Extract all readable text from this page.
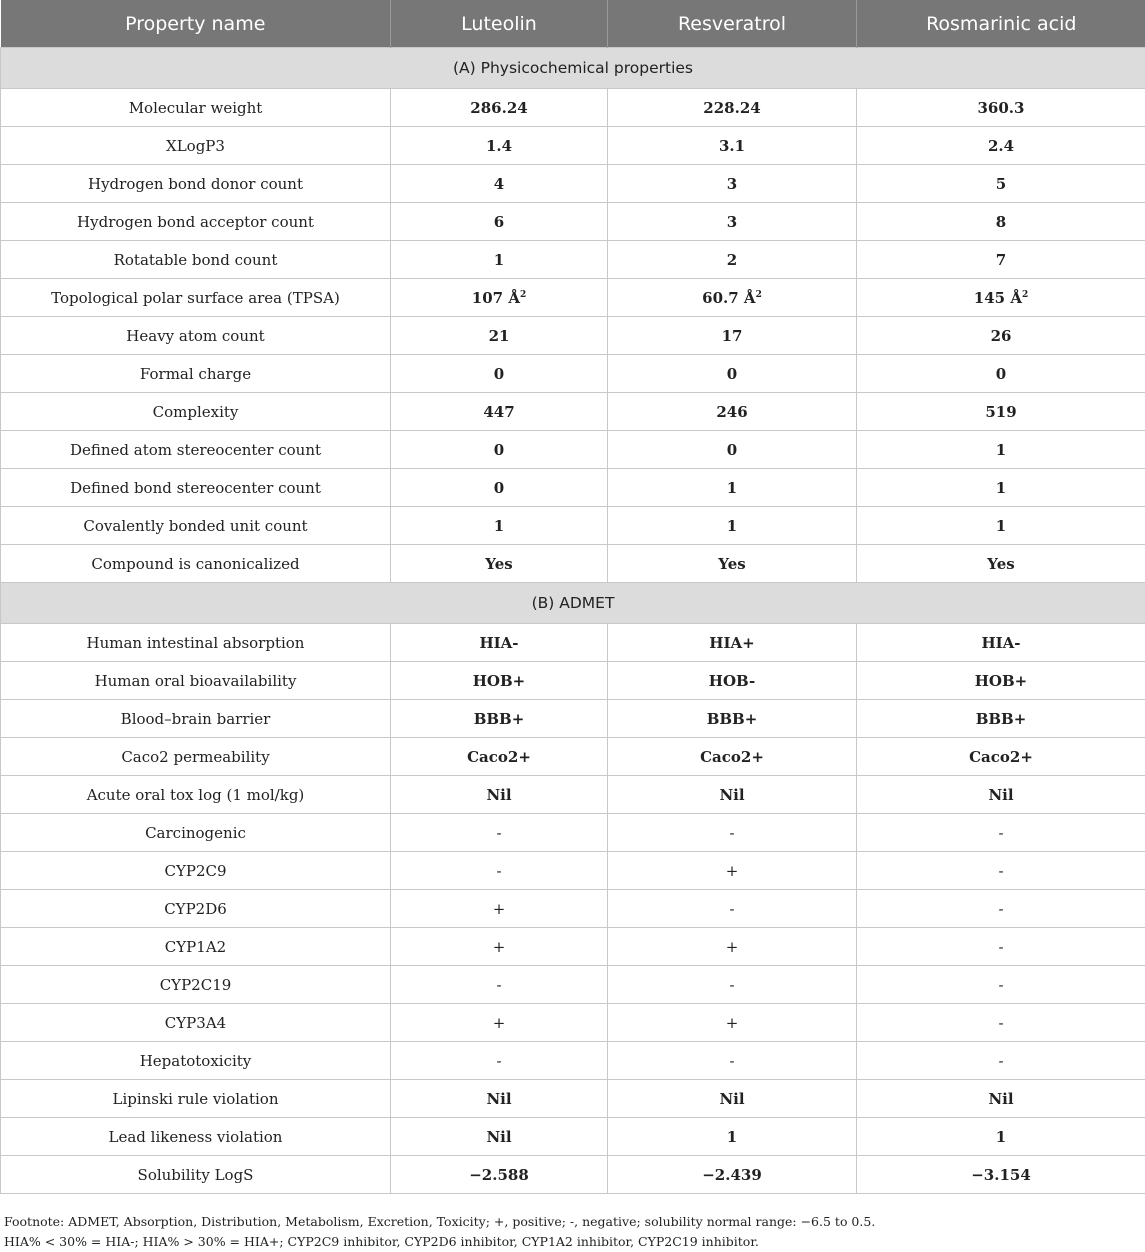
Property name	Luteolin	Resveratrol	Rosmarinic acid
(A) Physicochemical properties			
Molecular weight	286.24	228.24	360.3
XLogP3	1.4	3.1	2.4
Hydrogen bond donor count	4	3	5
Hydrogen bond acceptor count	6	3	8
Rotatable bond count	1	2	7
Topological polar surface area (TPSA)	107 $Å^2$	60.7 $Å^2$	145 $Å^2$
Heavy atom count	21	17	26
Formal charge	0	0	0
Complexity	447	246	519
Defined atom stereocenter count	0	0	1
Defined bond stereocenter count	0	1	1
Covalently bonded unit count	1	1	1
Compound is canonicalized	Yes	Yes	Yes
(B) ADMET			
Human intestinal absorption	HIA-	HIA+	HIA-
Human oral bioavailability	HOB+	HOB-	HOB+
Blood–brain barrier	BBB+	BBB+	BBB+
Caco2 permeability	Caco2+	Caco2+	Caco2+
Acute oral tox log (1 mol/kg)	Nil	Nil	Nil
Carcinogenic	-	-	-
CYP2C9	-	+	-
CYP2D6	+	-	-
CYP1A2	+	+	-
CYP2C19	-	-	-
CYP3A4	+	+	-
Hepatotoxicity	-	-	-
Lipinski rule violation	Nil	Nil	Nil
Lead likeness violation	Nil	1	1
Solubility LogS	−2.588	−2.439	−3.154
Footnote: ADMET, Absorption, Distribution, Metabolism, Excretion, Toxicity; +, positive; -, negative; solubility normal range: −6.5 to 0.5.
HIA% < 30% = HIA-; HIA% > 30% = HIA+; CYP2C9 inhibitor, CYP2D6 inhibitor, CYP1A2 inhibitor, CYP2C19 inhibitor.
